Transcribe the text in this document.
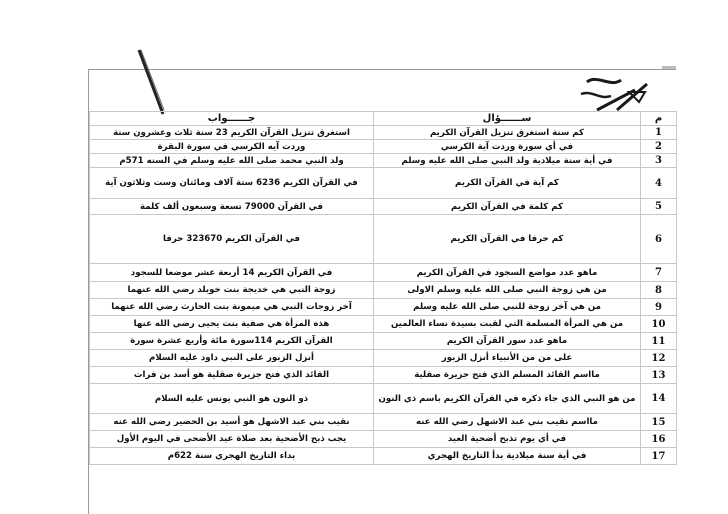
م	ســــــؤال	جــــــواب
1	كم سنة استغرق تنزيل القرآن الكريم	استغرق تنزيل القرآن الكريم 23 سنة ثلاث وعشرون سنة
2	في أي سورة وردت آية الكرسي	وردت آيه الكرسي في سورة البقرة
3	في أية سنة ميلادية ولد النبي صلى الله عليه وسلم	ولد النبي محمد صلى الله عليه وسلم في السنه 571م
4	كم آية في القرآن الكريم	في القرآن الكريم 6236 ستة آلاف ومائتان وست وثلاثون آية
5	كم كلمة في القرآن الكريم	في القرآن 79000 تسعة وسبعون ألف كلمة
6	كم حرفا في القرآن الكريم	في القرآن الكريم 323670 حرفا
7	ماهو عدد مواضع السجود في القرآن الكريم	في القرآن الكريم 14 أربعة عشر موضعا للسجود
8	من هي زوجة النبي صلى الله عليه وسلم الاولى	زوجة النبي هي خديجة بنت خويلد رضي الله عنهما
9	من هي آخر زوجة للنبي صلى الله عليه وسلم	آخر زوجات النبي هي ميمونة بنت الحارث رضي الله عنهما
10	من هي المرأة المسلمة التي لقبت بسيدة نساء العالمين	هذه المرأة هي صفية بنت يحيى رضي الله عنها
11	ماهو عدد سور القرآن الكريم	القرآن الكريم 114سورة مائة وأربع عشرة سورة
12	على من من الأنبياء أنزل الزبور	أنزل الزبور على النبي داود عليه السلام
13	مااسم القائد المسلم الذي فتح جزيرة صقلية	القائد الذي فتح جزيرة صقلية هو أسد بن فرات
14	من هو النبي الذي جاء ذكره في القرآن الكريم باسم ذي النون	ذو النون هو النبي يونس عليه السلام
15	مااسم نقيب بني عبد الاشهل رضي الله عنه	نقيب بني عبد الاشهل هو أسيد بن الحضير رضي الله عنه
16	في أي يوم تذبح أضحية العيد	يجب ذبح الأضحية بعد صلاة عيد الأضحى في اليوم الأول
17	في أية سنة ميلادية بدأ التاريخ الهجري	بداء التاريخ الهجري سنة 622م
